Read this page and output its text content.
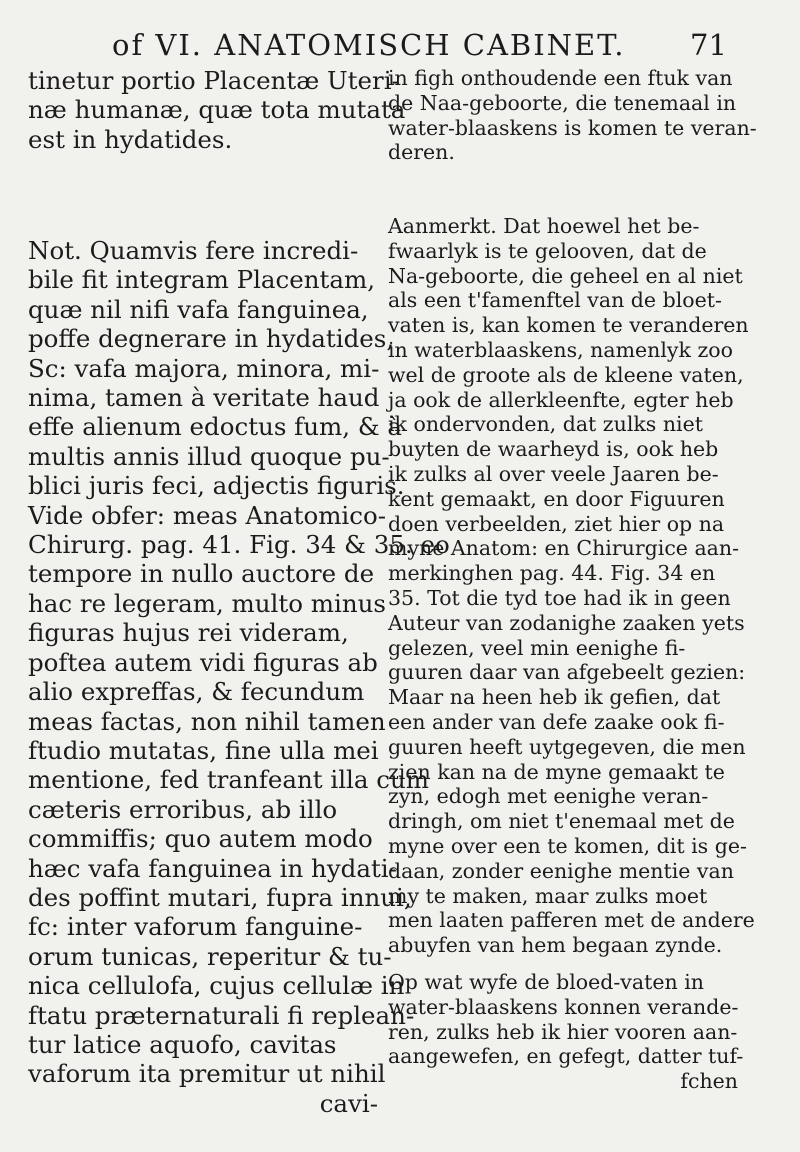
of VI. ANATOMISCH CABINET. 71
tinetur portio Placentæ Uteri-
næ humanæ, quæ tota mutata
est in hydatides.
Not. Quamvis fere incredi-
bile fit integram Placentam,
quæ nil nifi vafa fanguinea,
poffe degnerare in hydatides,
Sc: vafa majora, minora, mi-
nima, tamen à veritate haud
effe alienum edoctus fum, & à
multis annis illud quoque pu-
blici juris feci, adjectis figuris.
Vide obfer: meas Anatomico-
Chirurg. pag. 41. Fig. 34 & 35. eo
tempore in nullo auctore de
hac re legeram, multo minus
figuras hujus rei videram,
poftea autem vidi figuras ab
alio expreffas, & fecundum
meas factas, non nihil tamen
ftudio mutatas, fine ulla mei
mentione, fed tranfeant illa cum
cæteris erroribus, ab illo
commiffis; quo autem modo
hæc vafa fanguinea in hydati-
des poffint mutari, fupra innui,
fc: inter vaforum fanguine-
orum tunicas, reperitur & tu-
nica cellulofa, cujus cellulæ in
ftatu præternaturali fi replean-
tur latice aquofo, cavitas
vaforum ita premitur ut nihil
cavi-
in figh onthoudende een ftuk van
de Naa-geboorte, die tenemaal in
water-blaaskens is komen te veran-
deren.
Aanmerkt. Dat hoewel het be-
fwaarlyk is te gelooven, dat de
Na-geboorte, die geheel en al niet
als een t'famenftel van de bloet-
vaten is, kan komen te veranderen
in waterblaaskens, namenlyk zoo
wel de groote als de kleene vaten,
ja ook de allerkleenfte, egter heb
ik ondervonden, dat zulks niet
buyten de waarheyd is, ook heb
ik zulks al over veele Jaaren be-
kent gemaakt, en door Figuuren
doen verbeelden, ziet hier op na
myne Anatom: en Chirurgice aan-
merkinghen pag. 44. Fig. 34 en
35. Tot die tyd toe had ik in geen
Auteur van zodanighe zaaken yets
gelezen, veel min eenighe fi-
guuren daar van afgebeelt gezien:
Maar na heen heb ik gefien, dat
een ander van defe zaake ook fi-
guuren heeft uytgegeven, die men
zien kan na de myne gemaakt te
zyn, edogh met eenighe veran-
dringh, om niet t'enemaal met de
myne over een te komen, dit is ge-
daan, zonder eenighe mentie van
my te maken, maar zulks moet
men laaten pafferen met de andere
abuyfen van hem begaan zynde.
Op wat wyfe de bloed-vaten in
water-blaaskens konnen verande-
ren, zulks heb ik hier vooren aan-
aangewefen, en gefegt, datter tuf-
fchen
